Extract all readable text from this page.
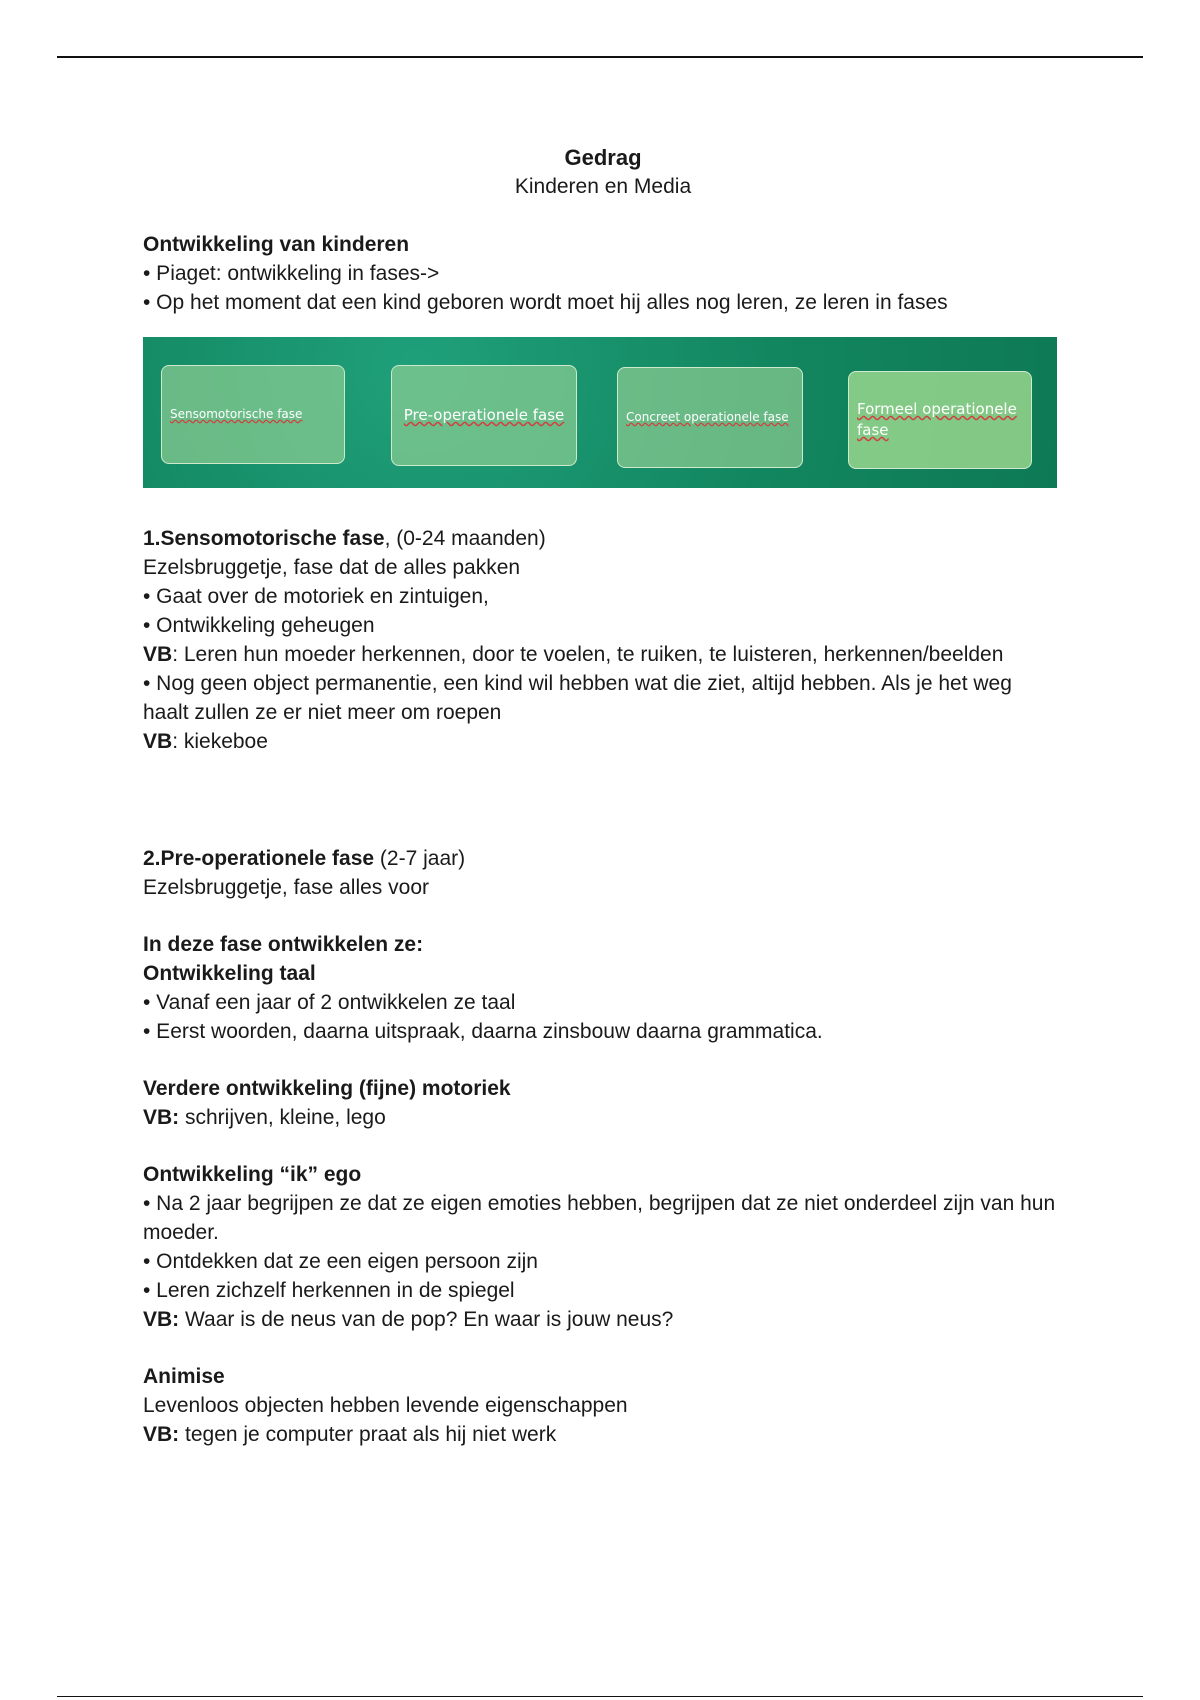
Gedrag

Kinderen en Media

Ontwikkeling van kinderen

• Piaget: ontwikkeling in fases->

• Op het moment dat een kind geboren wordt moet hij alles nog leren, ze leren in fases

Sensomotorische fase	Pre-operationele fase	Concreet operationele fase	Formeel operationele fase

1.Sensomotorische fase, (0-24 maanden)

Ezelsbruggetje, fase dat de alles pakken

• Gaat over de motoriek en zintuigen,

• Ontwikkeling geheugen

VB: Leren hun moeder herkennen, door te voelen, te ruiken, te luisteren, herkennen/beelden

• Nog geen object permanentie, een kind wil hebben wat die ziet, altijd hebben. Als je het weg haalt zullen ze er niet meer om roepen

VB: kiekeboe

2.Pre-operationele fase (2-7 jaar)

Ezelsbruggetje, fase alles voor

In deze fase ontwikkelen ze:

Ontwikkeling taal

• Vanaf een jaar of 2 ontwikkelen ze taal

• Eerst woorden, daarna uitspraak, daarna zinsbouw daarna grammatica.

Verdere ontwikkeling (fijne) motoriek

VB: schrijven, kleine, lego

Ontwikkeling “ik” ego

• Na 2 jaar begrijpen ze dat ze eigen emoties hebben, begrijpen dat ze niet onderdeel zijn van hun moeder.

• Ontdekken dat ze een eigen persoon zijn

• Leren zichzelf herkennen in de spiegel

VB: Waar is de neus van de pop? En waar is jouw neus?

Animise

Levenloos objecten hebben levende eigenschappen

VB: tegen je computer praat als hij niet werk
